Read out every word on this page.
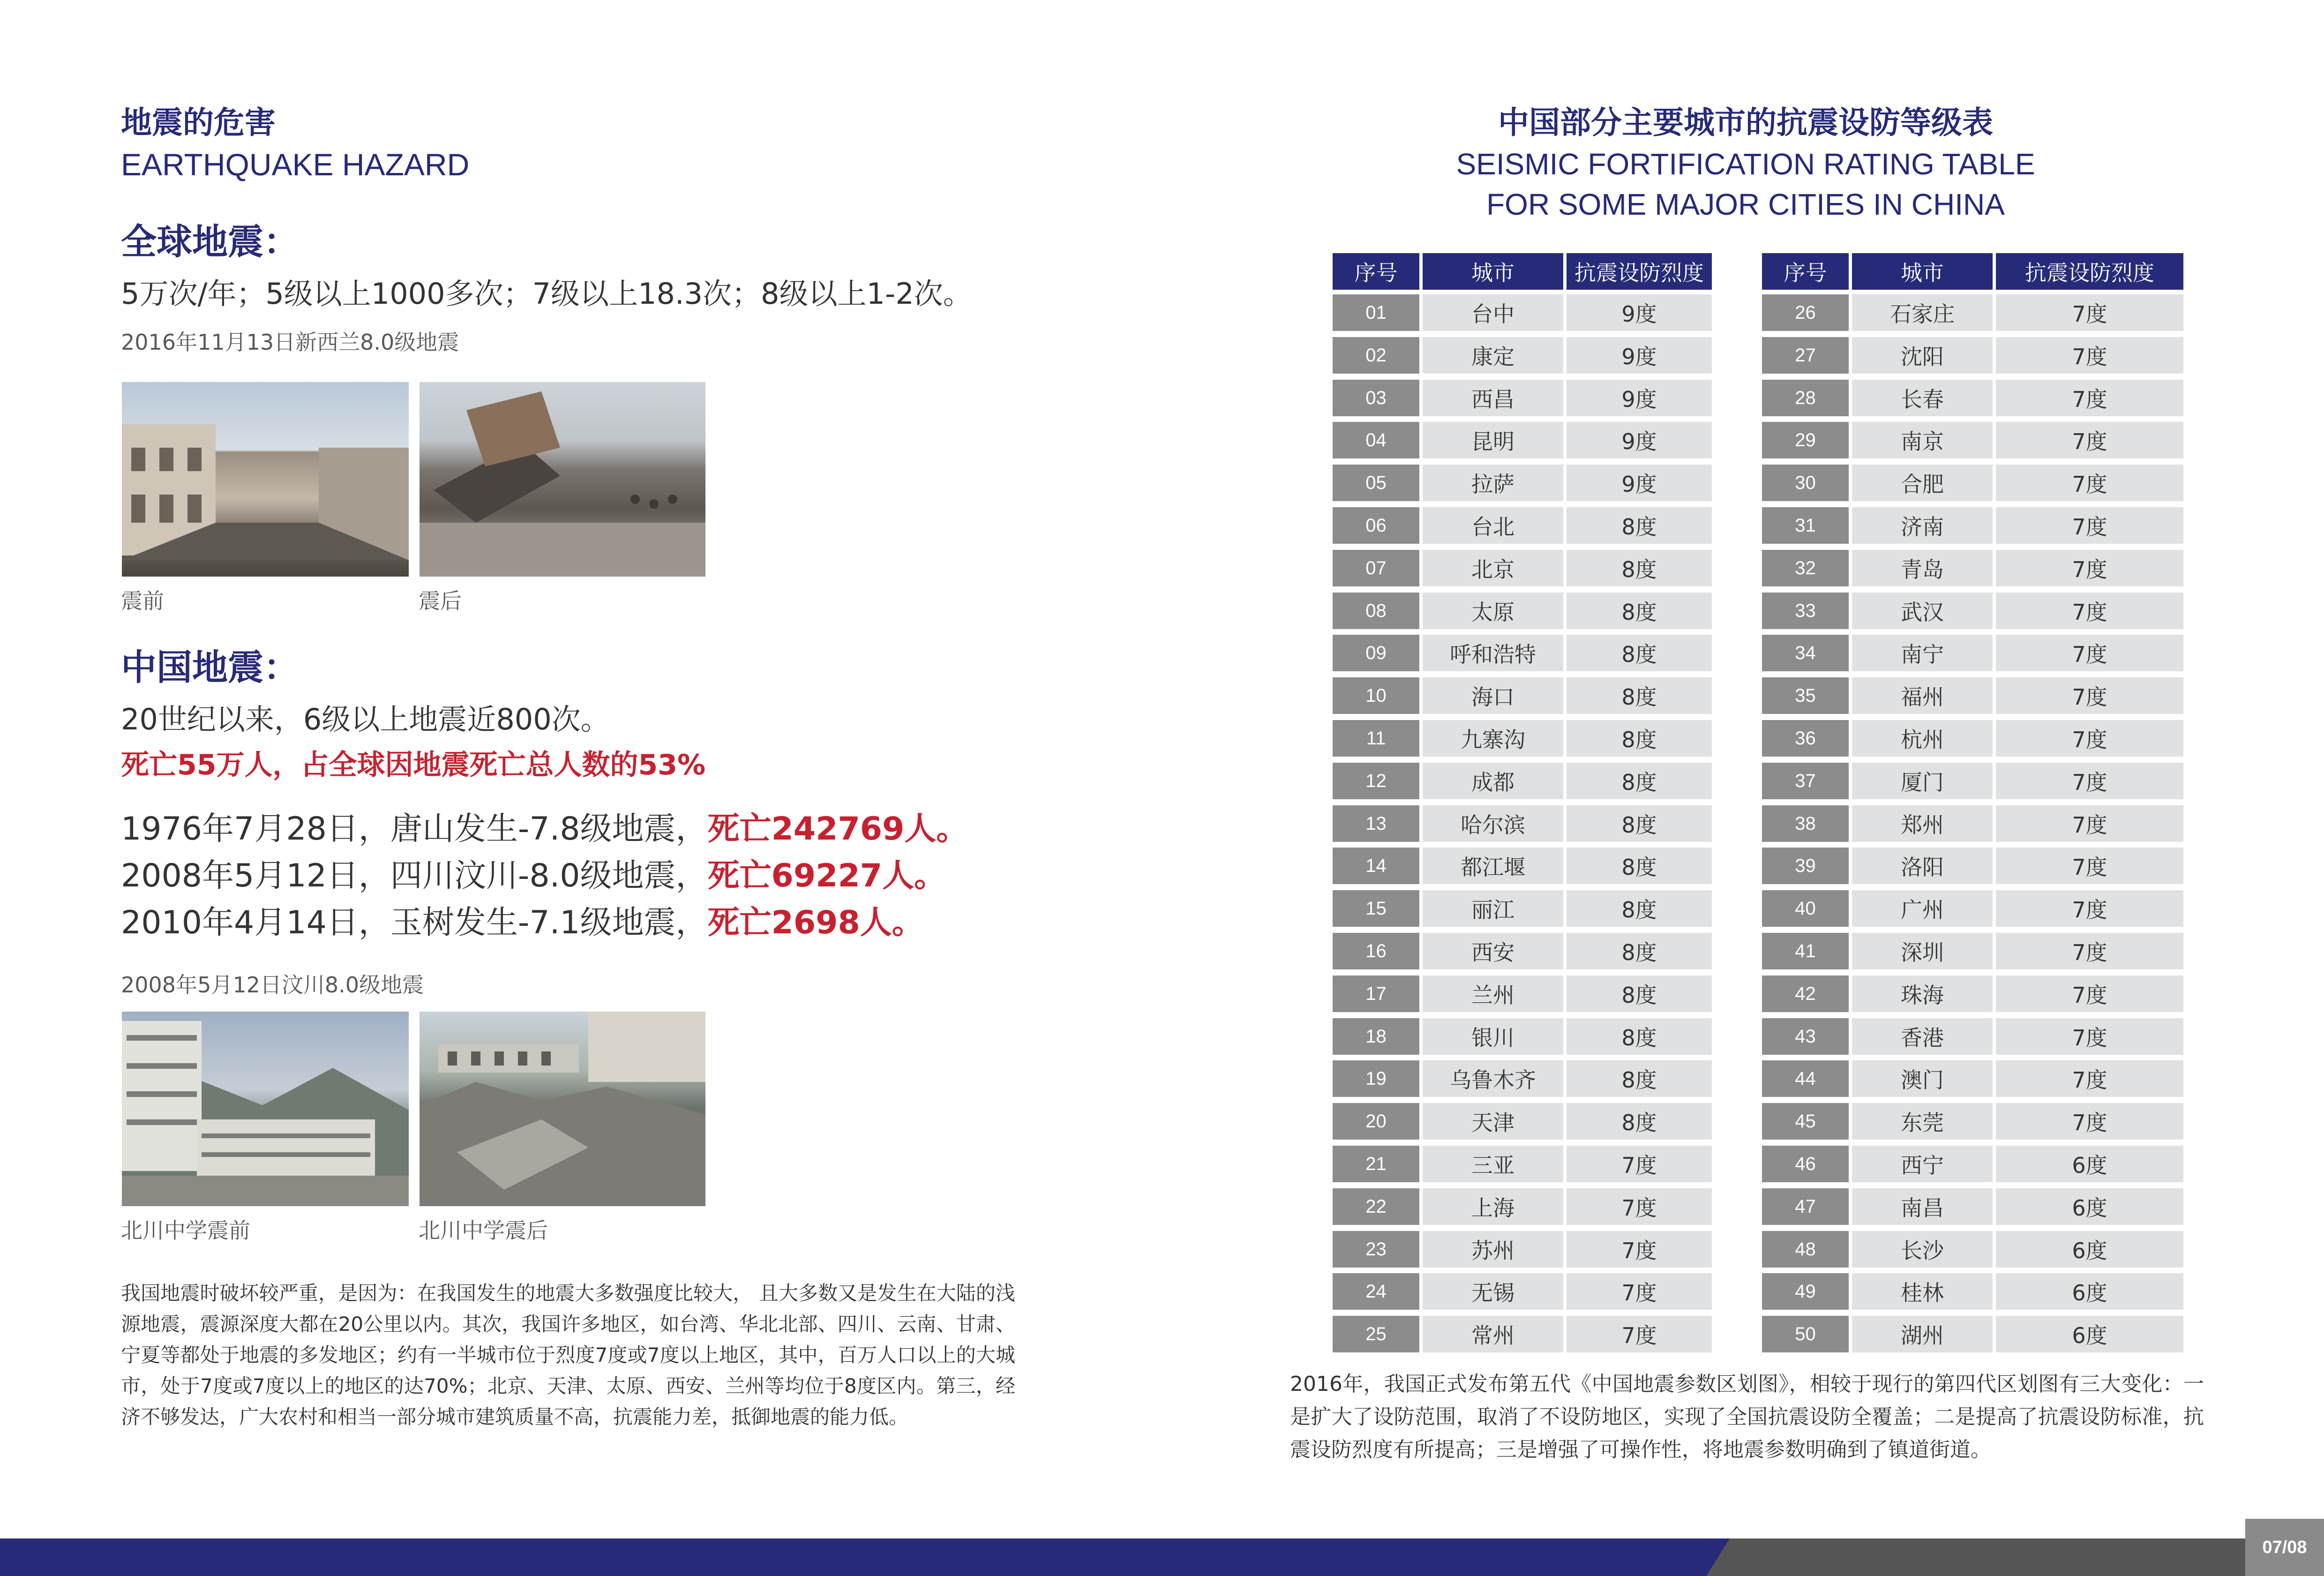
地震的危害
EARTHQUAKE HAZARD
全球地震：
5万次/年；5级以上1000多次；7级以上18.3次；8级以上1-2次。
2016年11月13日新西兰8.0级地震
震前	震后
中国地震：
20世纪以来，6级以上地震近800次。
死亡55万人，占全球因地震死亡总人数的53%
1976年7月28日，唐山发生-7.8级地震，死亡242769人。
2008年5月12日，四川汶川-8.0级地震，死亡69227人。
2010年4月14日，玉树发生-7.1级地震，死亡2698人。
2008年5月12日汶川8.0级地震
北川中学震前	北川中学震后
我国地震时破坏较严重，是因为：在我国发生的地震大多数强度比较大， 且大多数又是发生在大陆的浅源地震，震源深度大都在20公里以内。其次，我国许多地区，如台湾、华北北部、四川、云南、甘肃、宁夏等都处于地震的多发地区；约有一半城市位于烈度7度或7度以上地区，其中，百万人口以上的大城市，处于7度或7度以上的地区的达70%；北京、天津、太原、西安、兰州等均位于8度区内。第三，经济不够发达，广大农村和相当一部分城市建筑质量不高，抗震能力差，抵御地震的能力低。
中国部分主要城市的抗震设防等级表
SEISMIC FORTIFICATION RATING TABLE
FOR SOME MAJOR CITIES IN CHINA
序号	城市	抗震设防烈度	序号	城市	抗震设防烈度
01	台中	9度	26	石家庄	7度
02	康定	9度	27	沈阳	7度
03	西昌	9度	28	长春	7度
04	昆明	9度	29	南京	7度
05	拉萨	9度	30	合肥	7度
06	台北	8度	31	济南	7度
07	北京	8度	32	青岛	7度
08	太原	8度	33	武汉	7度
09	呼和浩特	8度	34	南宁	7度
10	海口	8度	35	福州	7度
11	九寨沟	8度	36	杭州	7度
12	成都	8度	37	厦门	7度
13	哈尔滨	8度	38	郑州	7度
14	都江堰	8度	39	洛阳	7度
15	丽江	8度	40	广州	7度
16	西安	8度	41	深圳	7度
17	兰州	8度	42	珠海	7度
18	银川	8度	43	香港	7度
19	乌鲁木齐	8度	44	澳门	7度
20	天津	8度	45	东莞	7度
21	三亚	7度	46	西宁	6度
22	上海	7度	47	南昌	6度
23	苏州	7度	48	长沙	6度
24	无锡	7度	49	桂林	6度
25	常州	7度	50	湖州	6度
2016年，我国正式发布第五代《中国地震参数区划图》，相较于现行的第四代区划图有三大变化：一是扩大了设防范围，取消了不设防地区，实现了全国抗震设防全覆盖；二是提高了抗震设防标准，抗震设防烈度有所提高；三是增强了可操作性，将地震参数明确到了镇道街道。
07/08
